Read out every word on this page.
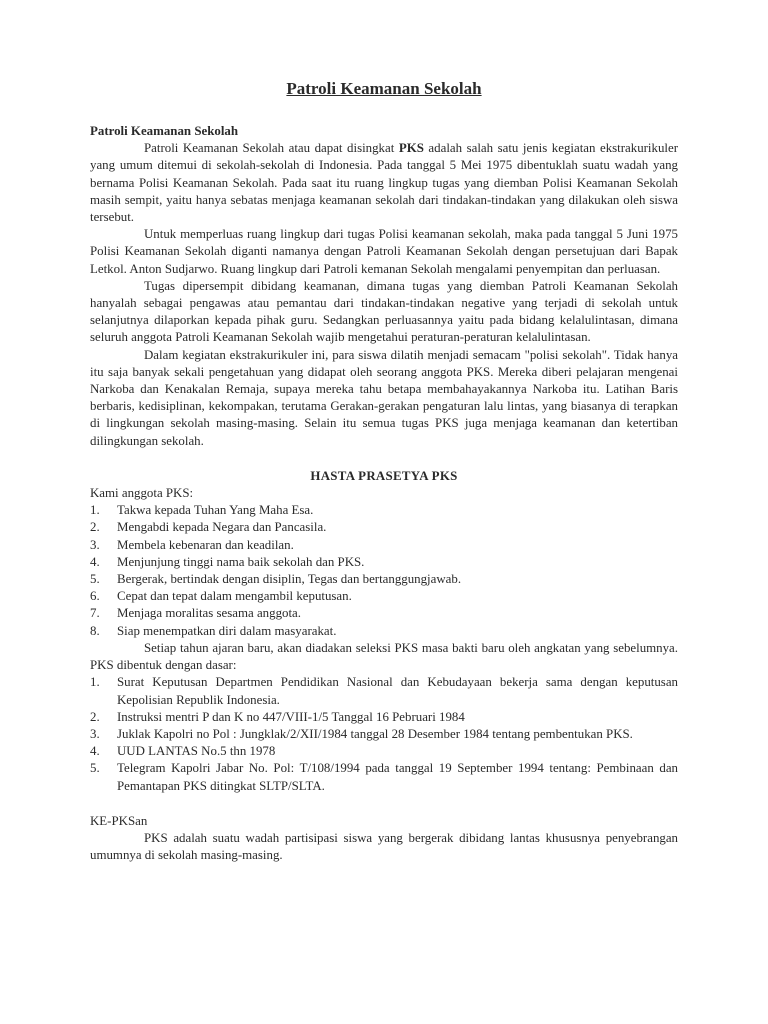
Patroli Keamanan Sekolah

Patroli Keamanan Sekolah

Patroli Keamanan Sekolah atau dapat disingkat PKS adalah salah satu jenis kegiatan ekstrakurikuler yang umum ditemui di sekolah-sekolah di Indonesia. Pada tanggal 5 Mei 1975 dibentuklah suatu wadah yang bernama Polisi Keamanan Sekolah. Pada saat itu ruang lingkup tugas yang diemban Polisi Keamanan Sekolah masih sempit, yaitu hanya sebatas menjaga keamanan sekolah dari tindakan-tindakan yang dilakukan oleh siswa tersebut.

Untuk memperluas ruang lingkup dari tugas Polisi keamanan sekolah, maka pada tanggal 5 Juni 1975 Polisi Keamanan Sekolah diganti namanya dengan Patroli Keamanan Sekolah dengan persetujuan dari Bapak Letkol. Anton Sudjarwo. Ruang lingkup dari Patroli kemanan Sekolah mengalami penyempitan dan perluasan.

Tugas dipersempit dibidang keamanan, dimana tugas yang diemban Patroli Keamanan Sekolah hanyalah sebagai pengawas atau pemantau dari tindakan-tindakan negative yang terjadi di sekolah untuk selanjutnya dilaporkan kepada pihak guru. Sedangkan perluasannya yaitu pada bidang kelalulintasan, dimana seluruh anggota Patroli Keamanan Sekolah wajib mengetahui peraturan-peraturan kelalulintasan.

Dalam kegiatan ekstrakurikuler ini, para siswa dilatih menjadi semacam "polisi sekolah". Tidak hanya itu saja banyak sekali pengetahuan yang didapat oleh seorang anggota PKS. Mereka diberi pelajaran mengenai Narkoba dan Kenakalan Remaja, supaya mereka tahu betapa membahayakannya Narkoba itu. Latihan Baris berbaris, kedisiplinan, kekompakan, terutama Gerakan-gerakan pengaturan lalu lintas, yang biasanya di terapkan di lingkungan sekolah masing-masing. Selain itu semua tugas PKS juga menjaga keamanan dan ketertiban dilingkungan sekolah.

HASTA PRASETYA PKS

Kami anggota PKS:

1. Takwa kepada Tuhan Yang Maha Esa.
2. Mengabdi kepada Negara dan Pancasila.
3. Membela kebenaran dan keadilan.
4. Menjunjung tinggi nama baik sekolah dan PKS.
5. Bergerak, bertindak dengan disiplin, Tegas dan bertanggungjawab.
6. Cepat dan tepat dalam mengambil keputusan.
7. Menjaga moralitas sesama anggota.
8. Siap menempatkan diri dalam masyarakat.

Setiap tahun ajaran baru, akan diadakan seleksi PKS masa bakti baru oleh angkatan yang sebelumnya. PKS dibentuk dengan dasar:

1. Surat Keputusan Departmen Pendidikan Nasional dan Kebudayaan bekerja sama dengan keputusan Kepolisian Republik Indonesia.
2. Instruksi mentri P dan K no 447/VIII-1/5 Tanggal 16 Pebruari 1984
3. Juklak Kapolri no Pol : Jungklak/2/XII/1984 tanggal 28 Desember 1984 tentang pembentukan PKS.
4. UUD LANTAS No.5 thn 1978
5. Telegram Kapolri Jabar No. Pol: T/108/1994 pada tanggal 19 September 1994 tentang: Pembinaan dan Pemantapan PKS ditingkat SLTP/SLTA.

KE-PKSan

PKS adalah suatu wadah partisipasi siswa yang bergerak dibidang lantas khususnya penyebrangan umumnya di sekolah masing-masing.
